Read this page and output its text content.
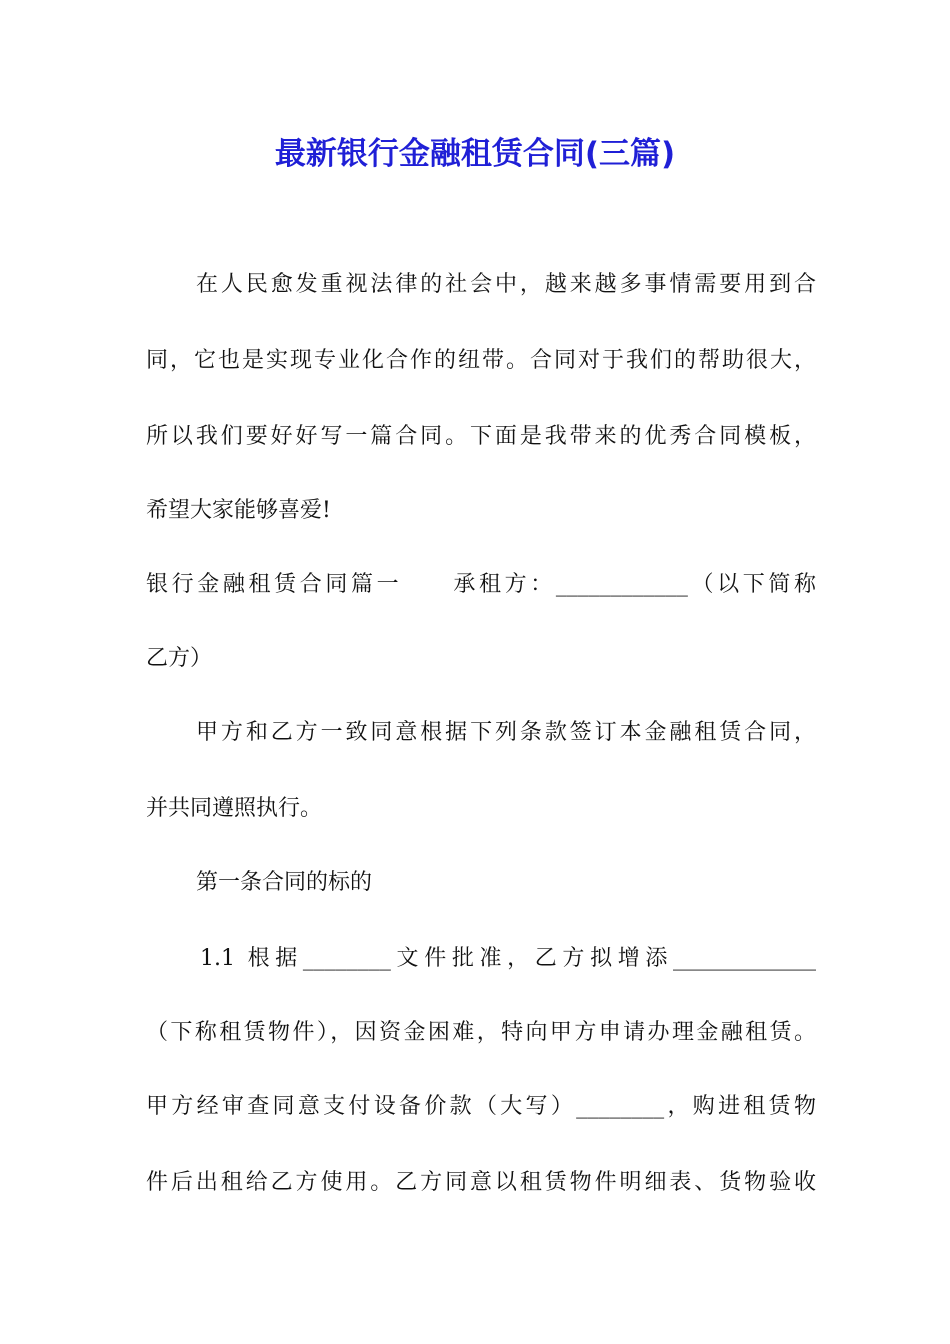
最新银行金融租赁合同(三篇)
在人民愈发重视法律的社会中，越来越多事情需要用到合
同，它也是实现专业化合作的纽带。合同对于我们的帮助很大，
所以我们要好好写一篇合同。下面是我带来的优秀合同模板，
希望大家能够喜爱!
银行金融租赁合同篇一　　承租方：____________（以下简称
乙方）
甲方和乙方一致同意根据下列条款签订本金融租赁合同，
并共同遵照执行。
第一条合同的标的
1.1 根据________文件批准，乙方拟增添_____________
（下称租赁物件），因资金困难，特向甲方申请办理金融租赁。
甲方经审查同意支付设备价款（大写）________，购进租赁物
件后出租给乙方使用。乙方同意以租赁物件明细表、货物验收
